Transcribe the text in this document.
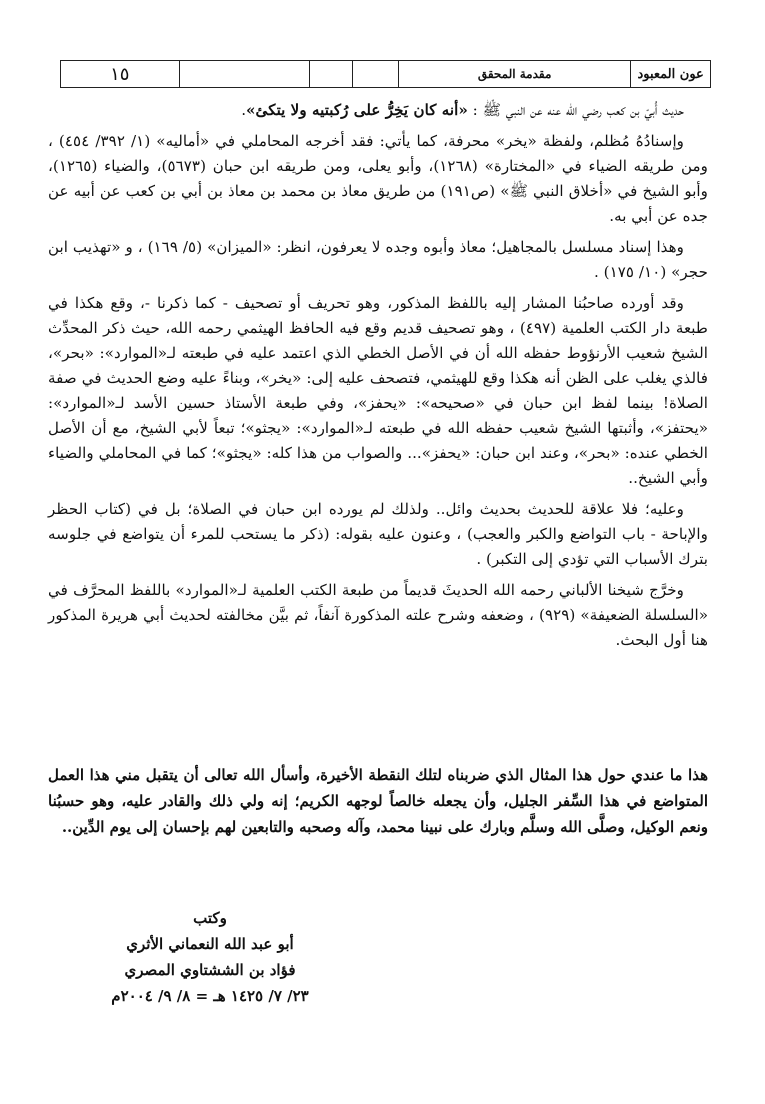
عون المعبود
مقدمة المحقق
١٥

حديث أُبيّ بن كعب رضي الله عنه عن النبي ﷺ : «أنه كان يَخِرُّ على رُكبتيه ولا يتكئ».

وإسنادُهُ مُظلم، ولفظة «يخر» محرفة، كما يأتي: فقد أخرجه المحاملي في «أماليه» (١/ ٣٩٢/ ٤٥٤) ، ومن طريقه الضياء في «المختارة» (١٢٦٨)، وأبو يعلى، ومن طريقه ابن حبان (٥٦٧٣)، والضياء (١٢٦٥)، وأبو الشيخ في «أخلاق النبي ﷺ» (ص١٩١) من طريق معاذ بن محمد بن معاذ بن أبي بن كعب عن أبيه عن جده عن أبي به.

وهذا إسناد مسلسل بالمجاهيل؛ معاذ وأبوه وجده لا يعرفون، انظر: «الميزان» (٥/ ١٦٩) ، و «تهذيب ابن حجر» (١٠/ ١٧٥) .

وقد أورده صاحبُنا المشار إليه باللفظ المذكور، وهو تحريف أو تصحيف - كما ذكرنا -، وقع هكذا في طبعة دار الكتب العلمية (٤٩٧) ، وهو تصحيف قديم وقع فيه الحافظ الهيثمي رحمه الله، حيث ذكر المحدِّث الشيخ شعيب الأرنؤوط حفظه الله أن في الأصل الخطي الذي اعتمد عليه في طبعته لـ«الموارد»: «بحر»، فالذي يغلب على الظن أنه هكذا وقع للهيثمي، فتصحف عليه إلى: «يخر»، وبناءً عليه وضع الحديث في صفة الصلاة! بينما لفظ ابن حبان في «صحيحه»: «يحفز»، وفي طبعة الأستاذ حسين الأسد لـ«الموارد»: «يحتفز»، وأثبتها الشيخ شعيب حفظه الله في طبعته لـ«الموارد»: «يجثو»؛ تبعاً لأبي الشيخ، مع أن الأصل الخطي عنده: «بحر»، وعند ابن حبان: «يحفز»... والصواب من هذا كله: «يجثو»؛ كما في المحاملي والضياء وأبي الشيخ..

وعليه؛ فلا علاقة للحديث بحديث وائل.. ولذلك لم يورده ابن حبان في الصلاة؛ بل في (كتاب الحظر والإباحة - باب التواضع والكبر والعجب) ، وعنون عليه بقوله: (ذكر ما يستحب للمرء أن يتواضع في جلوسه بترك الأسباب التي تؤدي إلى التكبر) .

وخرَّج شيخنا الألباني رحمه الله الحديثَ قديماً من طبعة الكتب العلمية لـ«الموارد» باللفظ المحرَّف في «السلسلة الضعيفة» (٩٢٩) ، وضعفه وشرح علته المذكورة آنفاً، ثم بيَّن مخالفته لحديث أبي هريرة المذكور هنا أول البحث.

هذا ما عندي حول هذا المثال الذي ضربناه لتلك النقطة الأخيرة، وأسأل الله تعالى أن يتقبل مني هذا العمل المتواضع في هذا السِّفر الجليل، وأن يجعله خالصاً لوجهه الكريم؛ إنه ولي ذلك والقادر عليه، وهو حسبُنا ونعم الوكيل، وصلَّى الله وسلَّم وبارك على نبينا محمد، وآله وصحبه والتابعين لهم بإحسان إلى يوم الدِّين..

وكتب
أبو عبد الله النعماني الأثري
فؤاد بن الششتاوي المصري
٢٣/ ٧/ ١٤٢٥ هـ = ٨/ ٩/ ٢٠٠٤م
